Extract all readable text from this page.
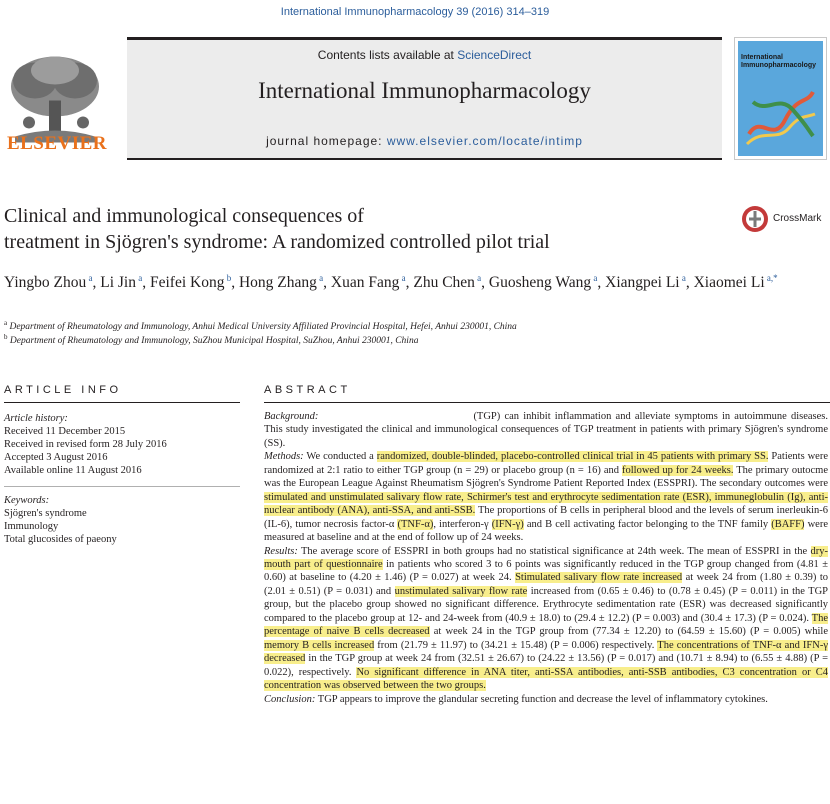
International Immunopharmacology 39 (2016) 314–319
ELSEVIER
Contents lists available at ScienceDirect
International Immunopharmacology
journal homepage: www.elsevier.com/locate/intimp
International Immunopharmacology
Clinical and immunological consequences of
treatment in Sjögren's syndrome: A randomized controlled pilot trial
CrossMark
Yingbo Zhou $^a$, Li Jin $^a$, Feifei Kong $^b$, Hong Zhang $^a$, Xuan Fang $^a$, Zhu Chen $^a$, Guosheng Wang $^a$, Xiangpei Li $^a$, Xiaomei Li $^{a,*}$
$^a$ Department of Rheumatology and Immunology, Anhui Medical University Affiliated Provincial Hospital, Hefei, Anhui 230001, China
$^b$ Department of Rheumatology and Immunology, SuZhou Municipal Hospital, SuZhou, Anhui 230001, China
ARTICLE INFO	ABSTRACT
Article history:
Received 11 December 2015
Received in revised form 28 July 2016
Accepted 3 August 2016
Available online 11 August 2016
Keywords:
Sjögren's syndrome
Immunology
Total glucosides of paeony

Background:	(TGP) can inhibit inflammation and alleviate symptoms in autoimmune diseases. This study investigated the clinical and immunological consequences of TGP treatment in patients with primary Sjögren's syndrome (SS).

Methods: We conducted a randomized, double-blinded, placebo-controlled clinical trial in 45 patients with primary SS. Patients were randomized at 2:1 ratio to either TGP group (n = 29) or placebo group (n = 16) and followed up for 24 weeks. The primary outocme was the European League Against Rheumatism Sjögren's Syndrome Patient Reported Index (ESSPRI). The secondary outcomes were stimulated and unstimulated salivary flow rate, Schirmer's test and erythrocyte sedimentation rate (ESR), immuneglobulin (Ig), anti-nuclear antibody (ANA), anti-SSA, and anti-SSB. The proportions of B cells in peripheral blood and the levels of serum inerleukin-6 (IL-6), tumor necrosis factor-α (TNF-α), interferon-γ (IFN-γ) and B cell activating factor belonging to the TNF family (BAFF) were measured at baseline and at the end of follow up of 24 weeks.

Results: The average score of ESSPRI in both groups had no statistical significance at 24th week. The mean of ESSPRI in the dry-mouth part of questionnaire in patients who scored 3 to 6 points was significantly reduced in the TGP group changed from (4.81 ± 0.60) at baseline to (4.20 ± 1.46) (P = 0.027) at week 24. Stimulated salivary flow rate increased at week 24 from (1.80 ± 0.39) to (2.01 ± 0.51) (P = 0.031) and unstimulated salivary flow rate increased from (0.65 ± 0.46) to (0.78 ± 0.45) (P = 0.011) in the TGP group, but the placebo group showed no significant difference. Erythrocyte sedimentation rate (ESR) was decreased significantly compared to the placebo group at 12- and 24-week from (40.9 ± 18.0) to (29.4 ± 12.2) (P = 0.003) and (30.4 ± 17.3) (P = 0.024). The percentage of naive B cells decreased at week 24 in the TGP group from (77.34 ± 12.20) to (64.59 ± 15.60) (P = 0.005) while memory B cells increased from (21.79 ± 11.97) to (34.21 ± 15.48) (P = 0.006) respectively. The concentrations of TNF-α and IFN-γ decreased in the TGP group at week 24 from (32.51 ± 26.67) to (24.22 ± 13.56) (P = 0.017) and (10.71 ± 8.94) to (6.55 ± 4.88) (P = 0.022), respectively. No significant difference in ANA titer, anti-SSA antibodies, anti-SSB antibodies, C3 concentration or C4 concentration was observed between the two groups.

Conclusion: TGP appears to improve the glandular secreting function and decrease the level of inflammatory cytokines.
